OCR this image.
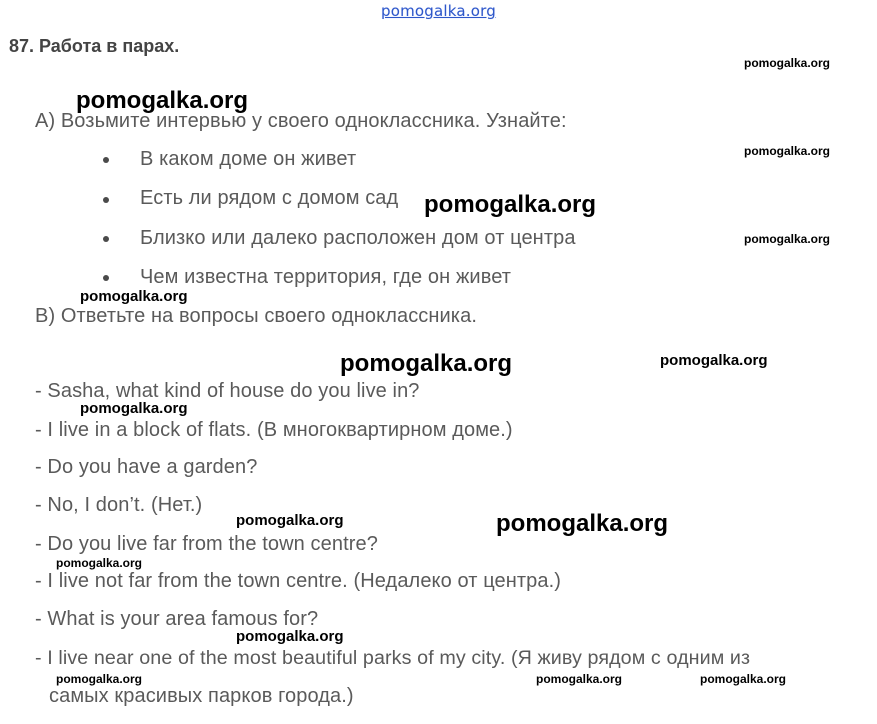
pomogalka.org
87. Работа в парах.
А) Возьмите интервью у своего одноклассника. Узнайте:
В каком доме он живет
Есть ли рядом с домом сад
Близко или далеко расположен дом от центра
Чем известна территория, где он живет
В) Ответьте на вопросы своего одноклассника.
- Sasha, what kind of house do you live in?
- I live in a block of flats. (В многоквартирном доме.)
- Do you have a garden?
- No, I don’t. (Нет.)
- Do you live far from the town centre?
- I live not far from the town centre. (Недалеко от центра.)
- What is your area famous for?
- I live near one of the most beautiful parks of my city. (Я живу рядом с одним из
самых красивых парков города.)
pomogalka.org
pomogalka.org
pomogalka.org
pomogalka.org
pomogalka.org
pomogalka.org
pomogalka.org	pomogalka.org
pomogalka.org
pomogalka.org	pomogalka.org
pomogalka.org
pomogalka.org
pomogalka.org	pomogalka.org	pomogalka.org
